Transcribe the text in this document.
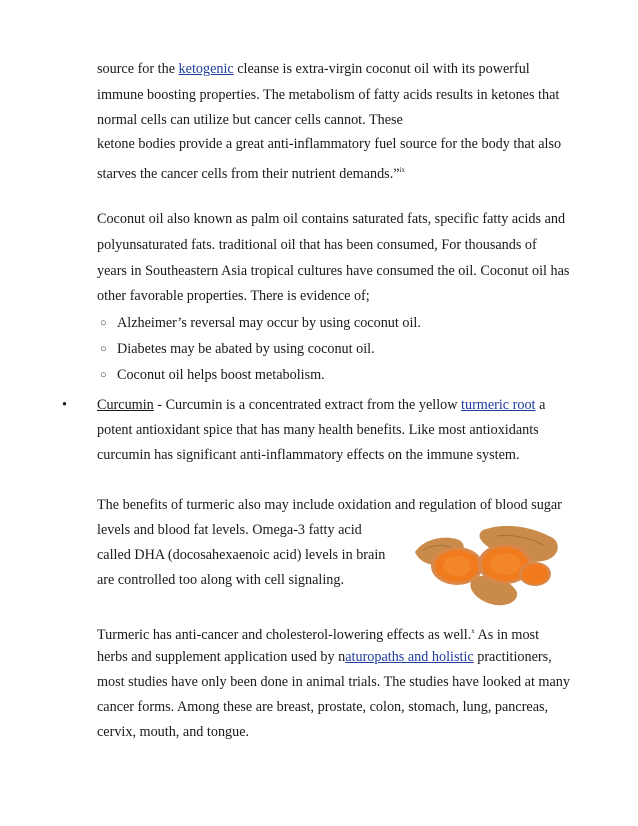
source for the ketogenic cleanse is extra-virgin coconut oil with its powerful
immune boosting properties. The metabolism of fatty acids results in ketones that
normal cells can utilize but cancer cells cannot. These
ketone bodies provide a great anti-inflammatory fuel source for the body that also
starves the cancer cells from their nutrient demands.”$^{ix}$
Coconut oil also known as palm oil contains saturated fats, specific fatty acids and
polyunsaturated fats. traditional oil that has been consumed, For thousands of
years in Southeastern Asia tropical cultures have consumed the oil. Coconut oil has
other favorable properties. There is evidence of;
○ Alzheimer’s reversal may occur by using coconut oil.
○ Diabetes may be abated by using coconut oil.
○ Coconut oil helps boost metabolism.
• Curcumin - Curcumin is a concentrated extract from the yellow turmeric root a
potent antioxidant spice that has many health benefits. Like most antioxidants
curcumin has significant anti-inflammatory effects on the immune system.
The benefits of turmeric also may include oxidation and regulation of blood sugar
levels and blood fat levels. Omega-3 fatty acid
called DHA (docosahexaenoic acid) levels in brain
are controlled too along with cell signaling.
Turmeric has anti-cancer and cholesterol-lowering effects as well.$^x$ As in most
herbs and supplement application used by naturopaths and holistic practitioners,
most studies have only been done in animal trials. The studies have looked at many
cancer forms. Among these are breast, prostate, colon, stomach, lung, pancreas,
cervix, mouth, and tongue.
